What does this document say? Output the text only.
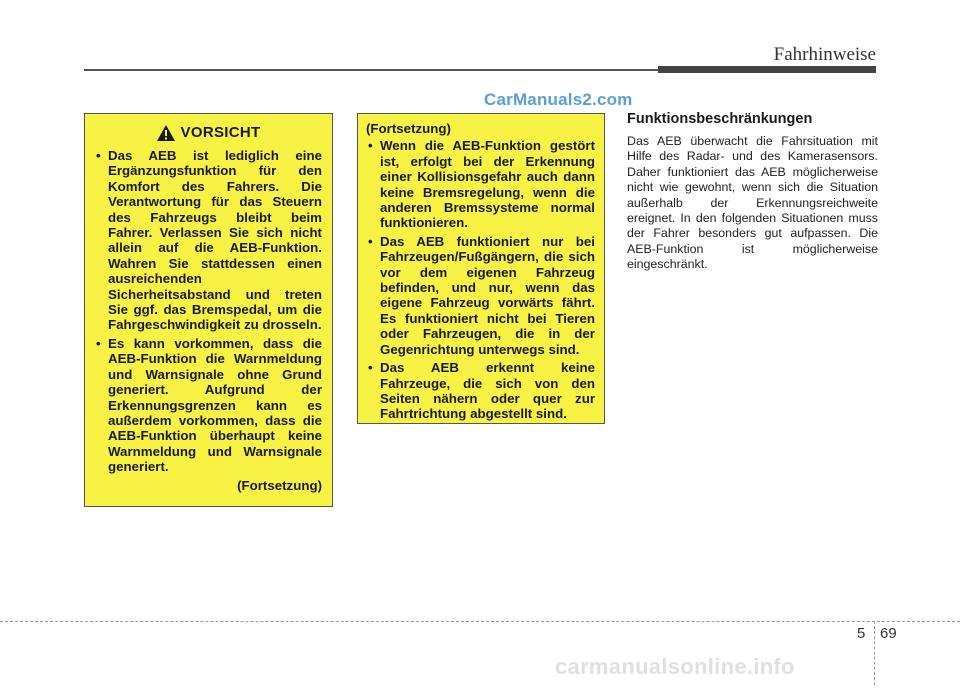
Fahrhinweise
CarManuals2.com
VORSICHT
• Das AEB ist lediglich eine Ergänzungsfunktion für den Komfort des Fahrers. Die Verantwortung für das Steuern des Fahrzeugs bleibt beim Fahrer. Verlassen Sie sich nicht allein auf die AEB-Funktion. Wahren Sie stattdessen einen ausreichenden Sicherheitsabstand und treten Sie ggf. das Bremspedal, um die Fahrgeschwindigkeit zu drosseln.
• Es kann vorkommen, dass die AEB-Funktion die Warnmeldung und Warnsignale ohne Grund generiert. Aufgrund der Erkennungsgrenzen kann es außerdem vorkommen, dass die AEB-Funktion überhaupt keine Warnmeldung und Warnsignale generiert.
(Fortsetzung)
(Fortsetzung)
• Wenn die AEB-Funktion gestört ist, erfolgt bei der Erkennung einer Kollisionsgefahr auch dann keine Bremsregelung, wenn die anderen Bremssysteme normal funktionieren.
• Das AEB funktioniert nur bei Fahrzeugen/Fußgängern, die sich vor dem eigenen Fahrzeug befinden, und nur, wenn das eigene Fahrzeug vorwärts fährt. Es funktioniert nicht bei Tieren oder Fahrzeugen, die in der Gegenrichtung unterwegs sind.
• Das AEB erkennt keine Fahrzeuge, die sich von den Seiten nähern oder quer zur Fahrtrichtung abgestellt sind.
Funktionsbeschränkungen
Das AEB überwacht die Fahrsituation mit Hilfe des Radar- und des Kamerasensors. Daher funktioniert das AEB möglicherweise nicht wie gewohnt, wenn sich die Situation außerhalb der Erkennungsreichweite ereignet. In den folgenden Situationen muss der Fahrer besonders gut aufpassen. Die AEB-Funktion ist möglicherweise eingeschränkt.
5 69
carmanualsonline.info
